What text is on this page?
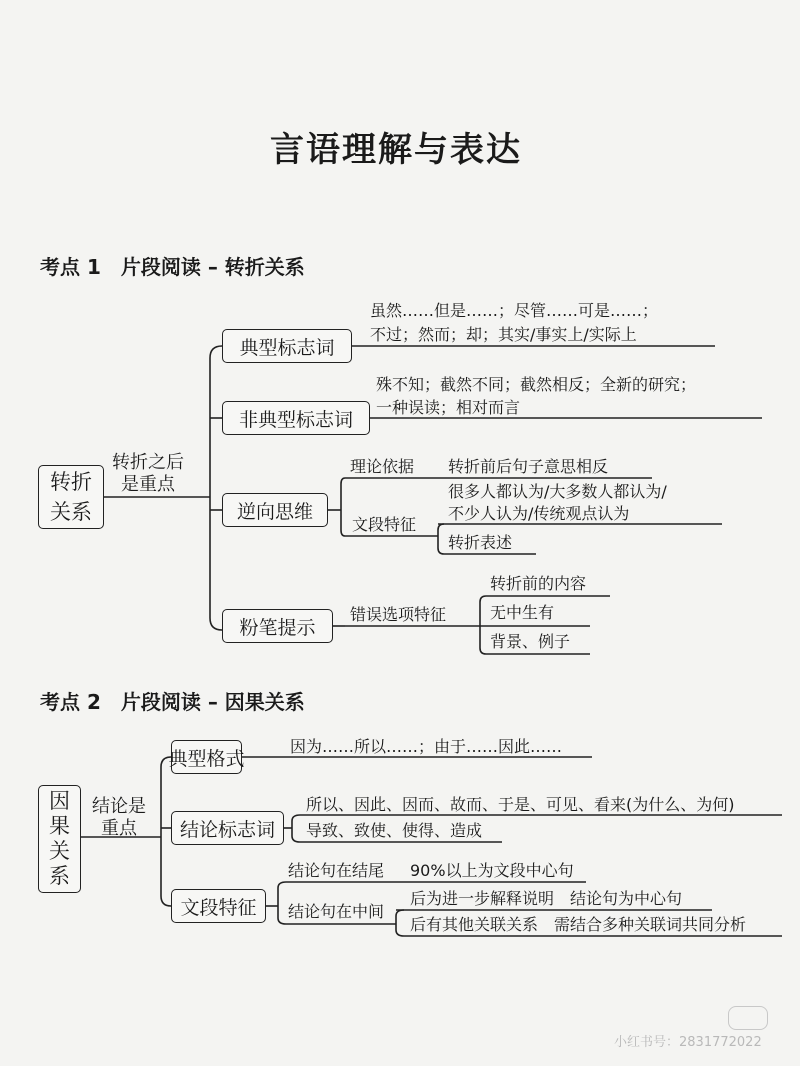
言语理解与表达
考点 1　片段阅读 – 转折关系
转折
关系
转折之后
是重点
典型标志词
虽然……但是……；尽管……可是……；
不过；然而；却；其实/事实上/实际上
非典型标志词
殊不知；截然不同；截然相反；全新的研究；
一种误读；相对而言
逆向思维
理论依据 转折前后句子意思相反
文段特征
很多人都认为/大多数人都认为/
不少人认为/传统观点认为
转折表述
粉笔提示
错误选项特征
转折前的内容
无中生有
背景、例子
考点 2　片段阅读 – 因果关系
因
果
关
系
结论是
重点
典型格式
因为……所以……；由于……因此……
结论标志词
所以、因此、因而、故而、于是、可见、看来(为什么、为何)
导致、致使、使得、造成
文段特征
结论句在结尾 90%以上为文段中心句
结论句在中间
后为进一步解释说明　结论句为中心句
后有其他关联关系　需结合多种关联词共同分析
小红书号：2831772022
